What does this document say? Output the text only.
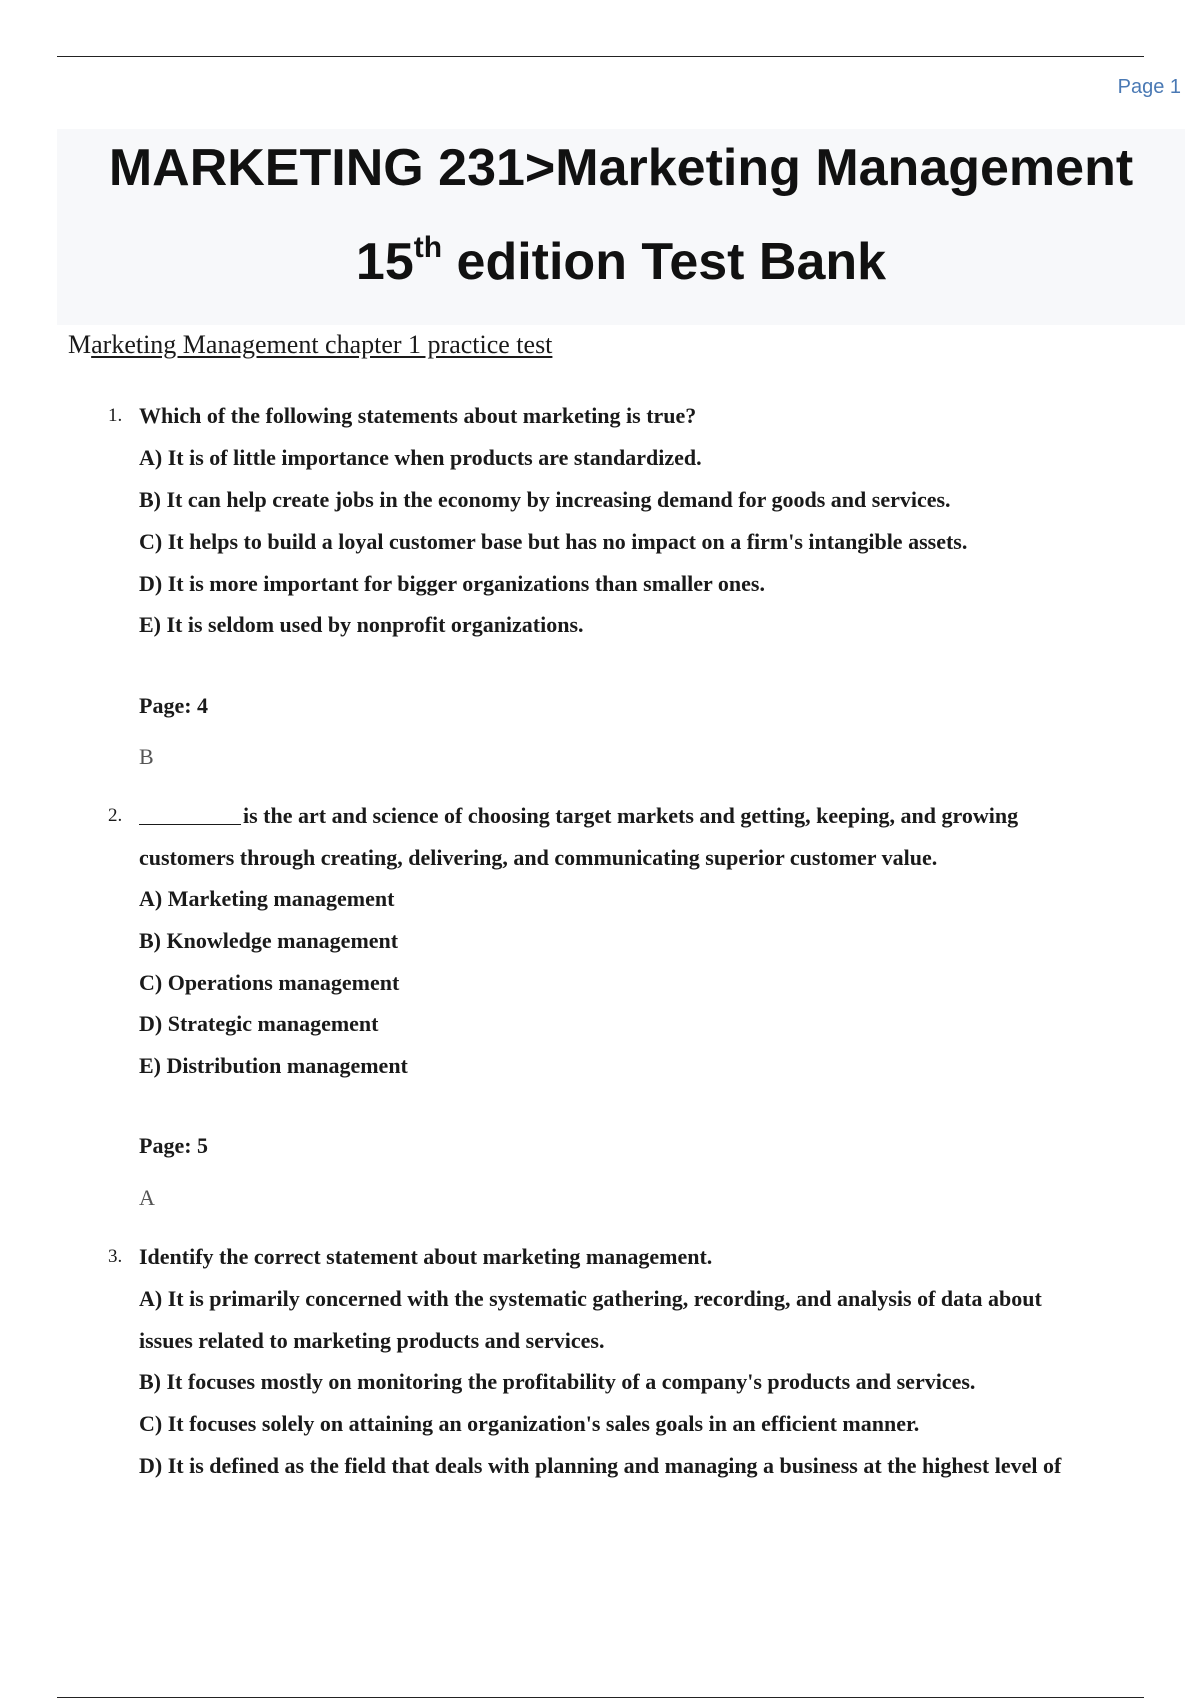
Page 1
MARKETING 231>Marketing Management
15th edition Test Bank
Marketing Management chapter 1 practice test
1. Which of the following statements about marketing is true?
A) It is of little importance when products are standardized.
B) It can help create jobs in the economy by increasing demand for goods and services.
C) It helps to build a loyal customer base but has no impact on a firm's intangible assets.
D) It is more important for bigger organizations than smaller ones.
E) It is seldom used by nonprofit organizations.
Page: 4
B
2.	is the art and science of choosing target markets and getting, keeping, and growing
customers through creating, delivering, and communicating superior customer value.
A) Marketing management
B) Knowledge management
C) Operations management
D) Strategic management
E) Distribution management
Page: 5
A
3. Identify the correct statement about marketing management.
A) It is primarily concerned with the systematic gathering, recording, and analysis of data about
issues related to marketing products and services.
B) It focuses mostly on monitoring the profitability of a company's products and services.
C) It focuses solely on attaining an organization's sales goals in an efficient manner.
D) It is defined as the field that deals with planning and managing a business at the highest level of
